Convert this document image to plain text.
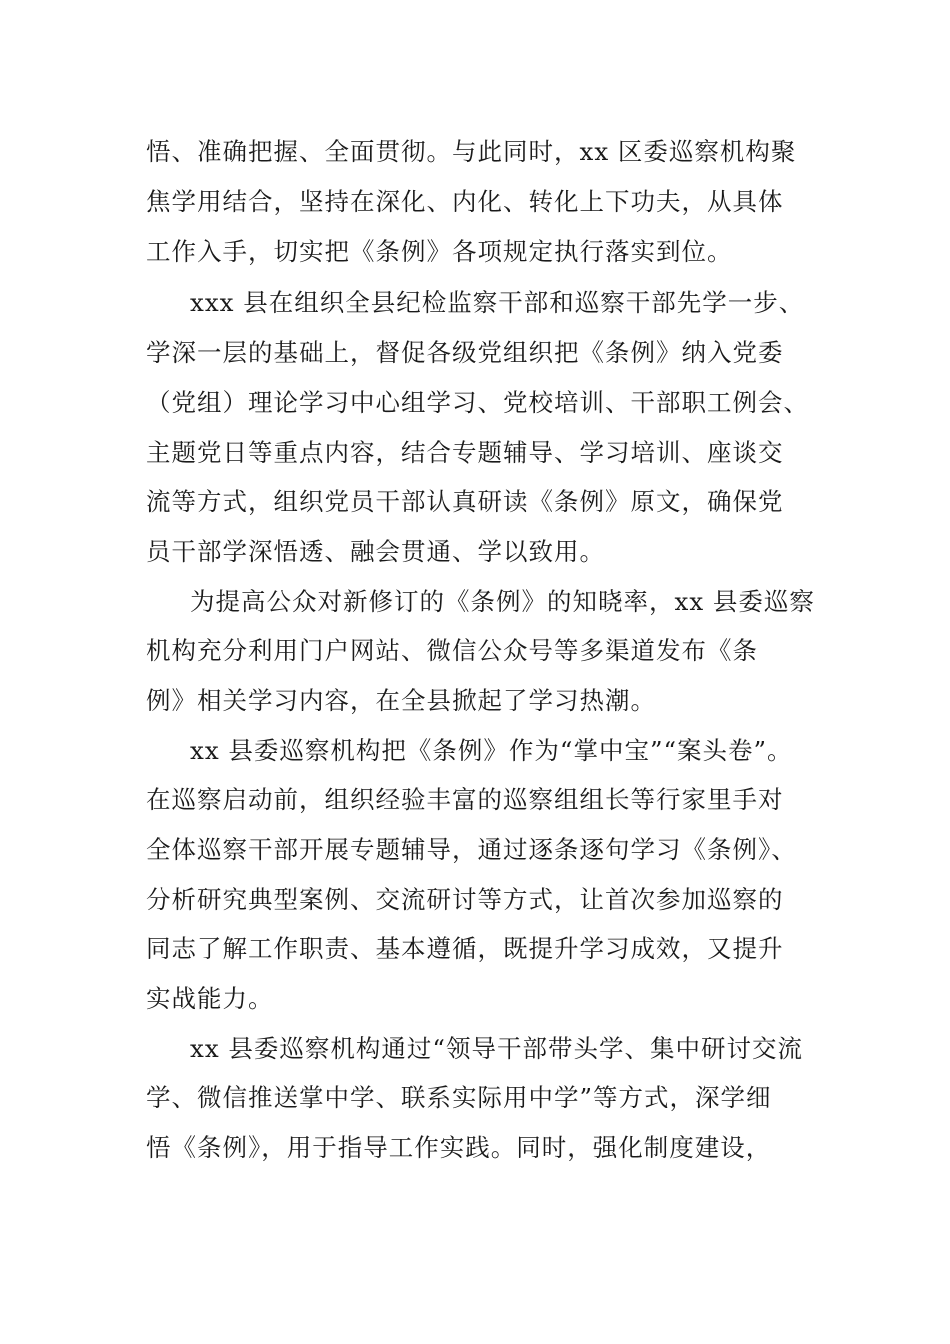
悟、准确把握、全面贯彻。与此同时，xx 区委巡察机构聚
焦学用结合，坚持在深化、内化、转化上下功夫，从具体
工作入手，切实把《条例》各项规定执行落实到位。
xxx 县在组织全县纪检监察干部和巡察干部先学一步、
学深一层的基础上，督促各级党组织把《条例》纳入党委
（党组）理论学习中心组学习、党校培训、干部职工例会、
主题党日等重点内容，结合专题辅导、学习培训、座谈交
流等方式，组织党员干部认真研读《条例》原文，确保党
员干部学深悟透、融会贯通、学以致用。
为提高公众对新修订的《条例》的知晓率，xx 县委巡察
机构充分利用门户网站、微信公众号等多渠道发布《条
例》相关学习内容，在全县掀起了学习热潮。
xx 县委巡察机构把《条例》作为“掌中宝”“案头卷”。
在巡察启动前，组织经验丰富的巡察组组长等行家里手对
全体巡察干部开展专题辅导，通过逐条逐句学习《条例》、
分析研究典型案例、交流研讨等方式，让首次参加巡察的
同志了解工作职责、基本遵循，既提升学习成效，又提升
实战能力。
xx 县委巡察机构通过“领导干部带头学、集中研讨交流
学、微信推送掌中学、联系实际用中学”等方式，深学细
悟《条例》，用于指导工作实践。同时，强化制度建设，
